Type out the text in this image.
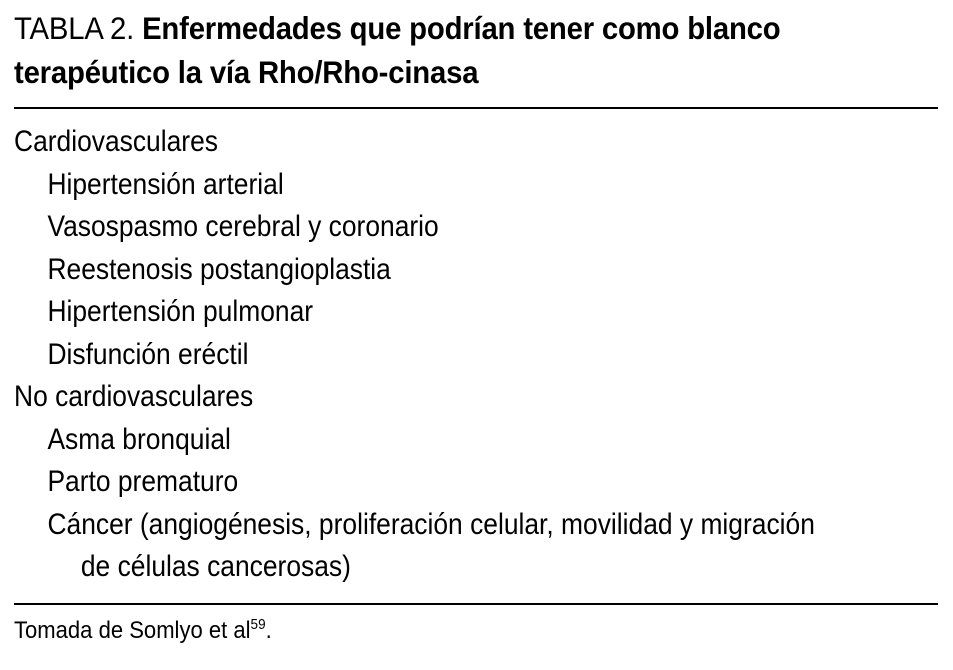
TABLA 2. Enfermedades que podrían tener como blanco terapéutico la vía Rho/Rho-cinasa
Cardiovasculares
Hipertensión arterial
Vasospasmo cerebral y coronario
Reestenosis postangioplastia
Hipertensión pulmonar
Disfunción eréctil
No cardiovasculares
Asma bronquial
Parto prematuro
Cáncer (angiogénesis, proliferación celular, movilidad y migración
de células cancerosas)
Tomada de Somlyo et $al^{59}$.
